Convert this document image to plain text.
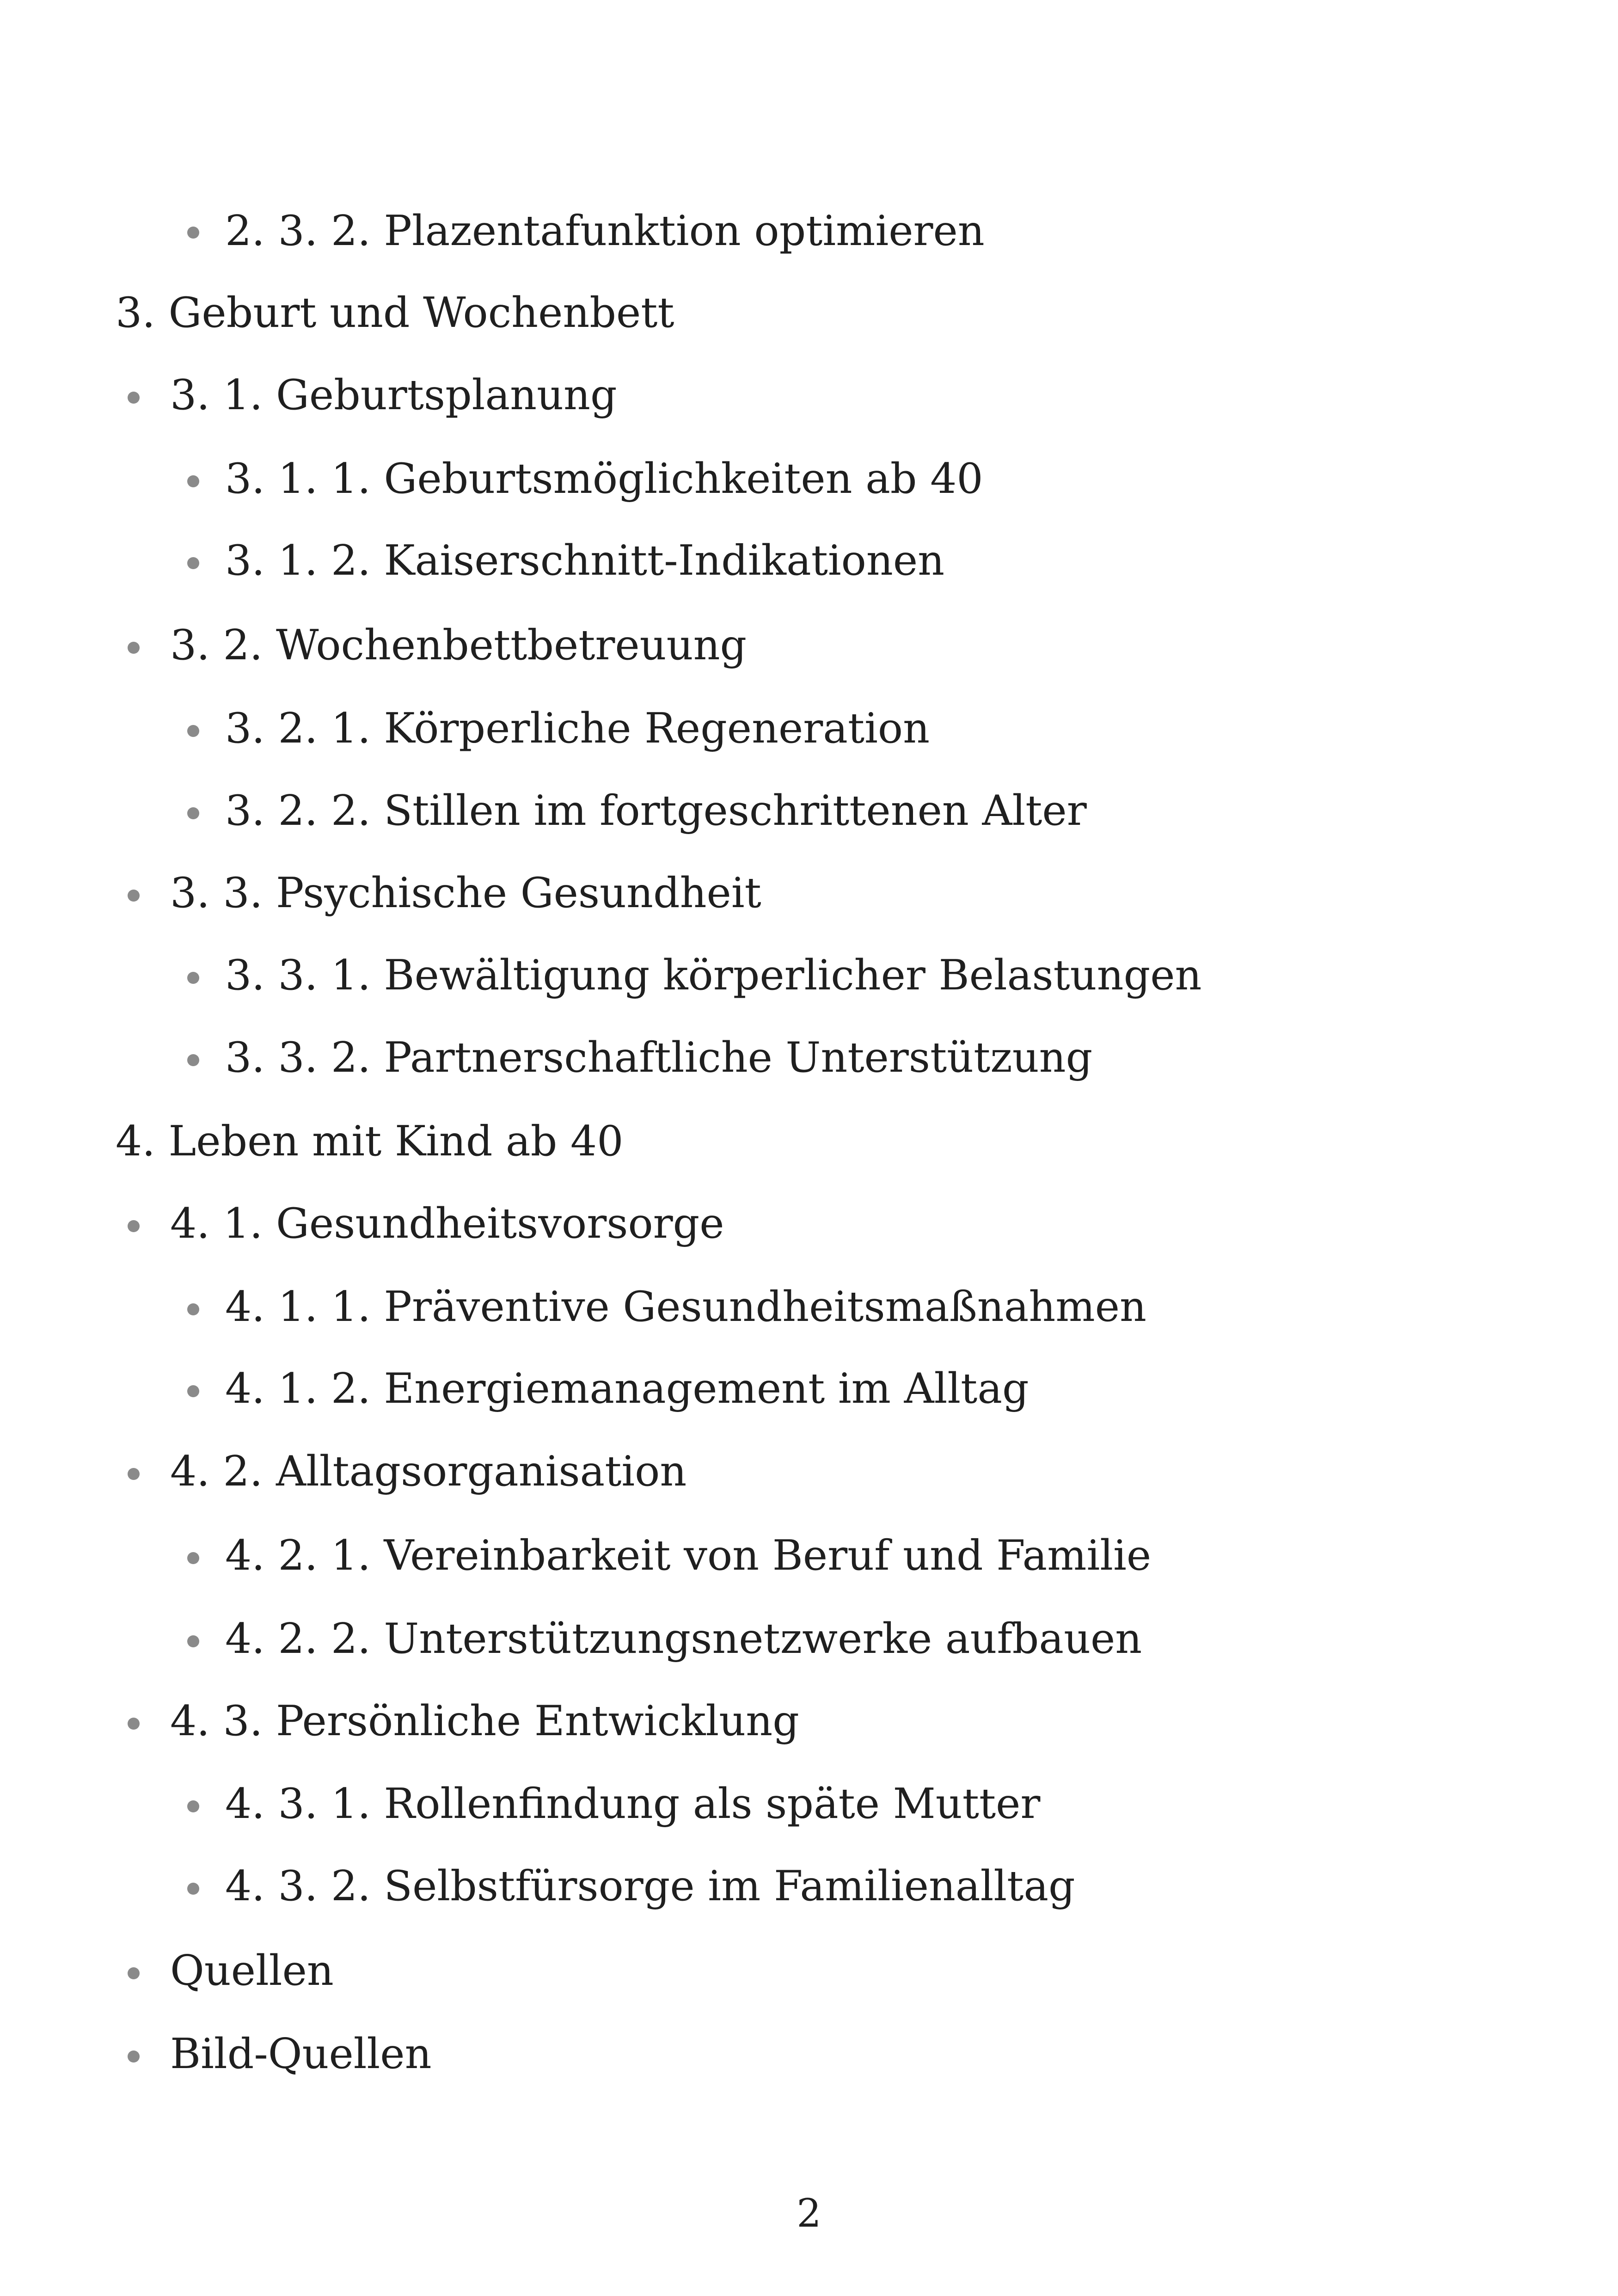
2. 3. 2. Plazentafunktion optimieren
3. Geburt und Wochenbett
3. 1. Geburtsplanung
3. 1. 1. Geburtsmöglichkeiten ab 40
3. 1. 2. Kaiserschnitt-Indikationen
3. 2. Wochenbettbetreuung
3. 2. 1. Körperliche Regeneration
3. 2. 2. Stillen im fortgeschrittenen Alter
3. 3. Psychische Gesundheit
3. 3. 1. Bewältigung körperlicher Belastungen
3. 3. 2. Partnerschaftliche Unterstützung
4. Leben mit Kind ab 40
4. 1. Gesundheitsvorsorge
4. 1. 1. Präventive Gesundheitsmaßnahmen
4. 1. 2. Energiemanagement im Alltag
4. 2. Alltagsorganisation
4. 2. 1. Vereinbarkeit von Beruf und Familie
4. 2. 2. Unterstützungsnetzwerke aufbauen
4. 3. Persönliche Entwicklung
4. 3. 1. Rollenfindung als späte Mutter
4. 3. 2. Selbstfürsorge im Familienalltag
Quellen
Bild-Quellen
2
